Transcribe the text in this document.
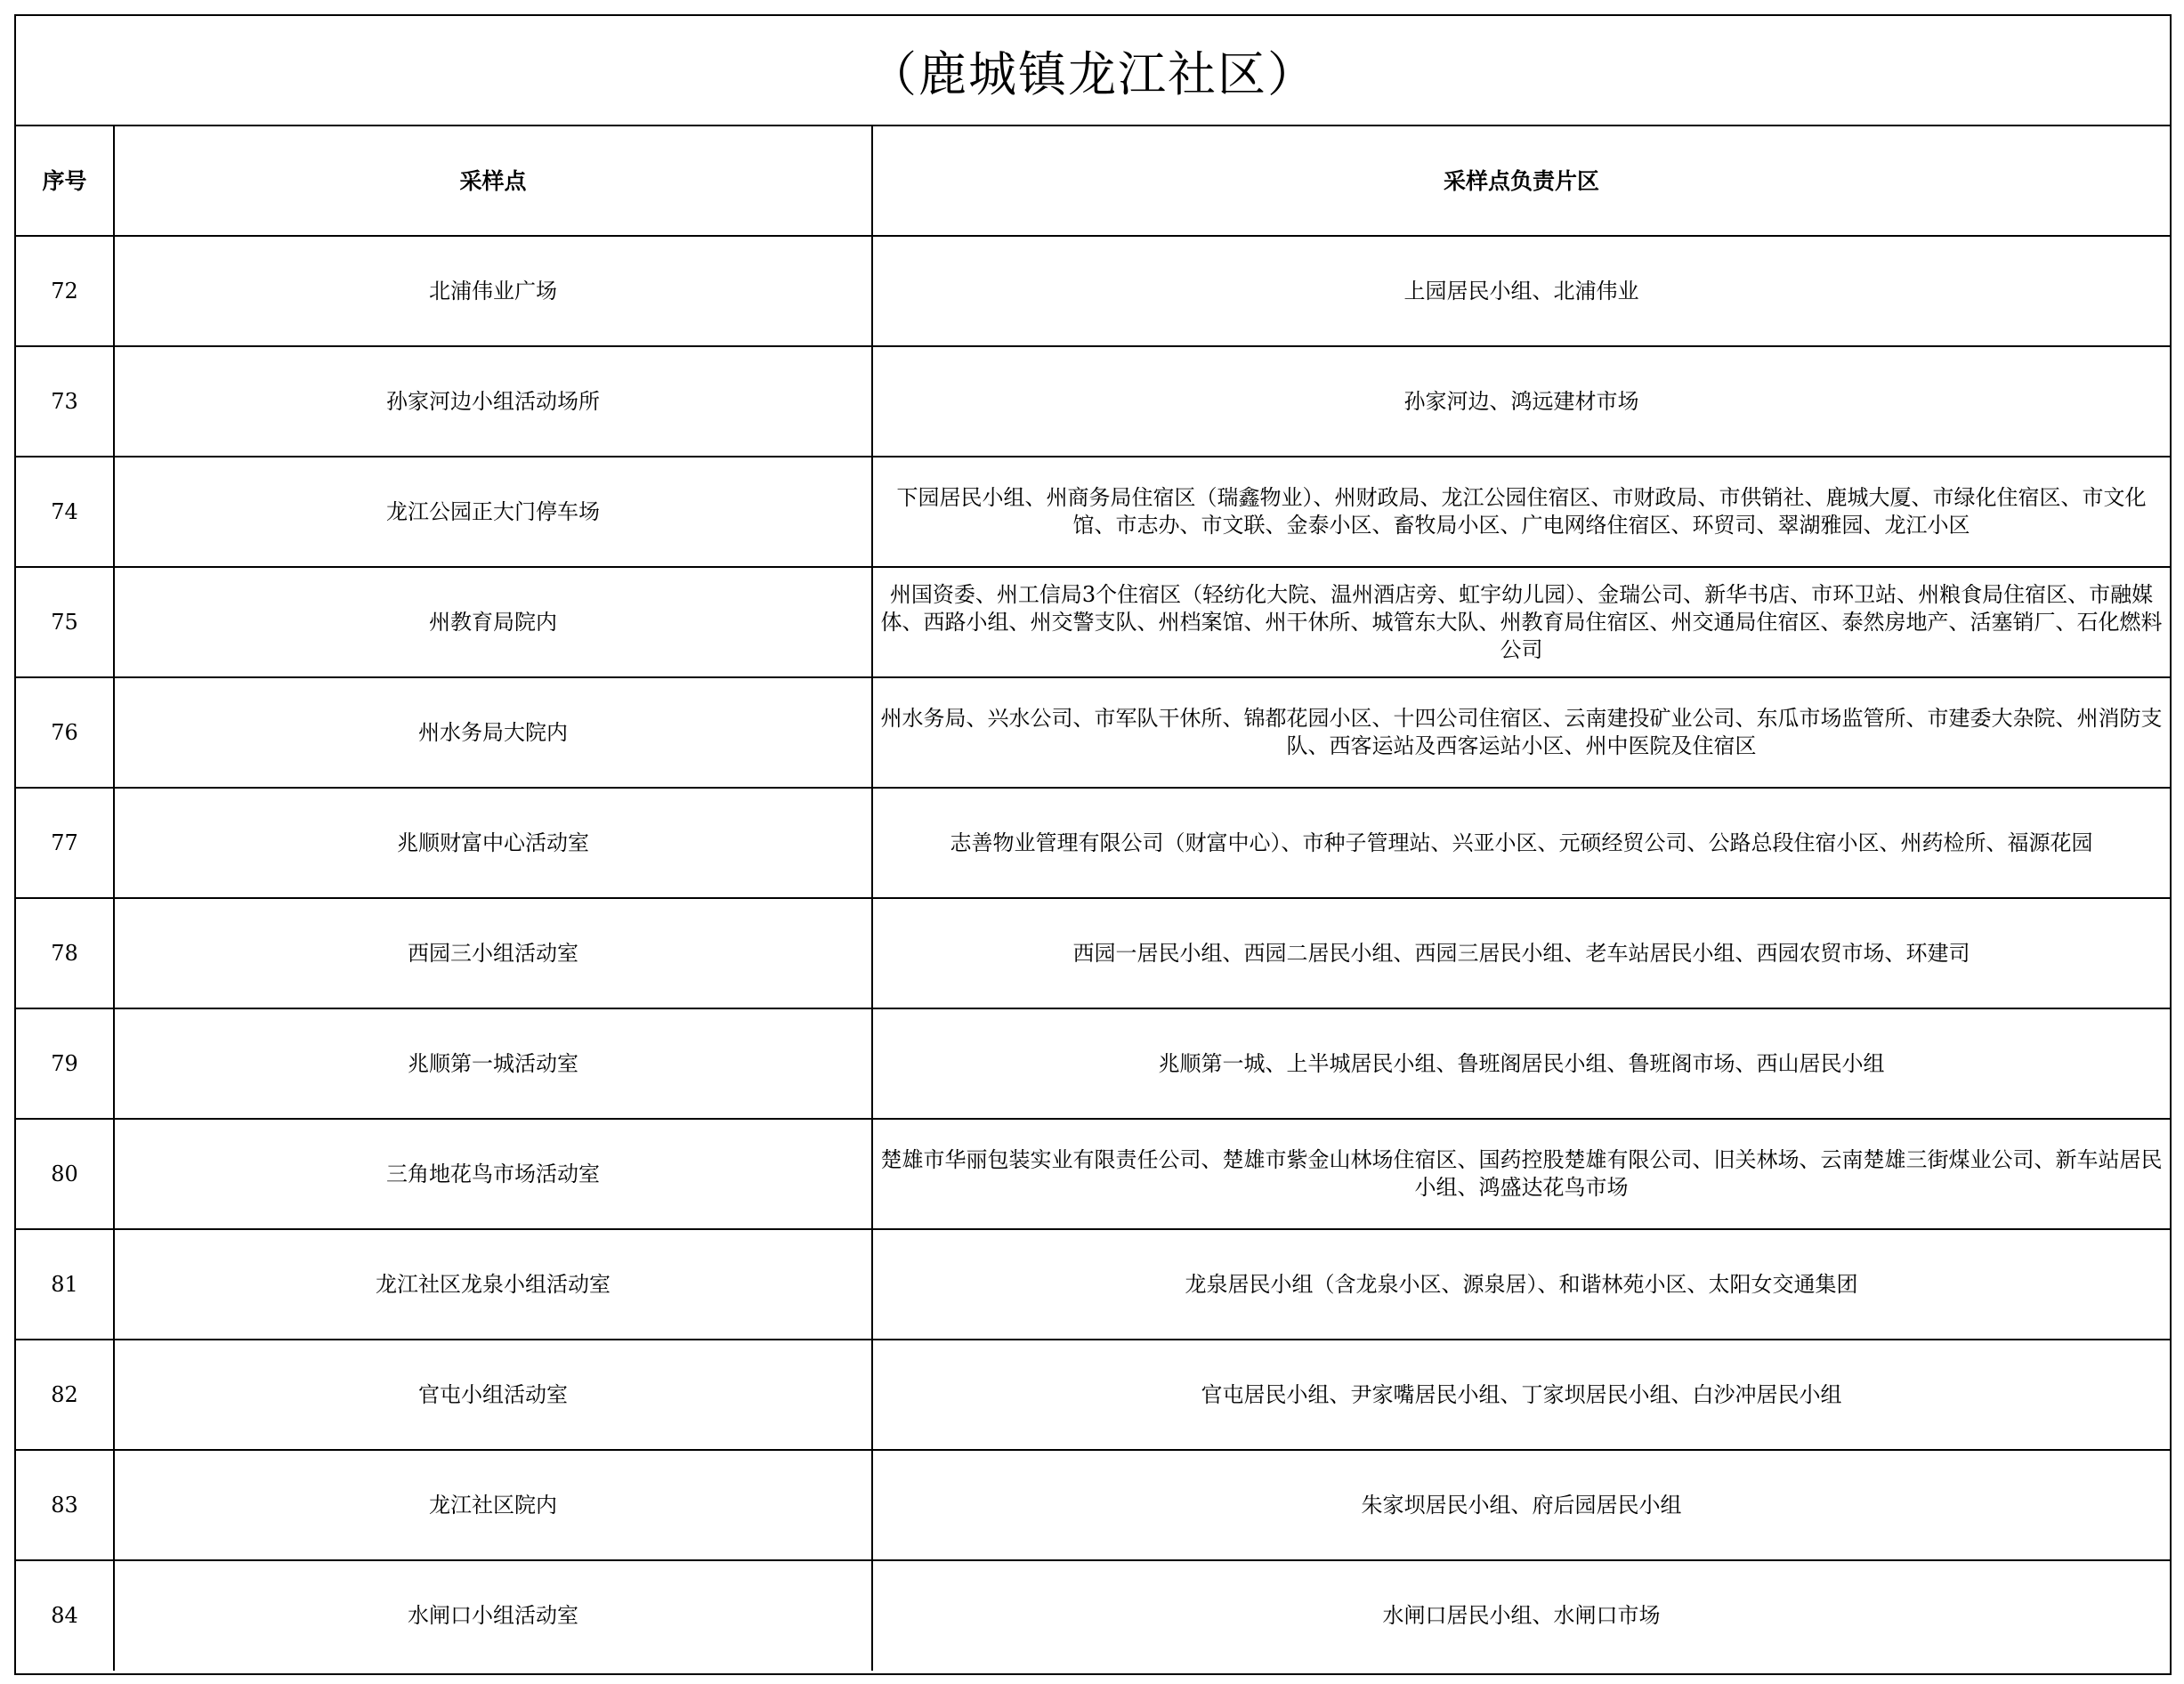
（鹿城镇龙江社区）
序号	采样点	采样点负责片区
72	北浦伟业广场	上园居民小组、北浦伟业

73	孙家河边小组活动场所	孙家河边、鸿远建材市场

74	龙江公园正大门停车场	下园居民小组、州商务局住宿区（瑞鑫物业）、州财政局、龙江公园住宿区、市财政局、市供销社、鹿城大厦、市绿化住宿区、市文化馆、市志办、市文联、金泰小区、畜牧局小区、广电网络住宿区、环贸司、翠湖雅园、龙江小区

75	州教育局院内	州国资委、州工信局3个住宿区（轻纺化大院、温州酒店旁、虹宇幼儿园）、金瑞公司、新华书店、市环卫站、州粮食局住宿区、市融媒体、西路小组、州交警支队、州档案馆、州干休所、城管东大队、州教育局住宿区、州交通局住宿区、泰然房地产、活塞销厂、石化燃料公司

76	州水务局大院内	州水务局、兴水公司、市军队干休所、锦都花园小区、十四公司住宿区、云南建投矿业公司、东瓜市场监管所、市建委大杂院、州消防支队、西客运站及西客运站小区、州中医院及住宿区

77	兆顺财富中心活动室	志善物业管理有限公司（财富中心）、市种子管理站、兴亚小区、元硕经贸公司、公路总段住宿小区、州药检所、福源花园

78	西园三小组活动室	西园一居民小组、西园二居民小组、西园三居民小组、老车站居民小组、西园农贸市场、环建司

79	兆顺第一城活动室	兆顺第一城、上半城居民小组、鲁班阁居民小组、鲁班阁市场、西山居民小组

80	三角地花鸟市场活动室	楚雄市华丽包装实业有限责任公司、楚雄市紫金山林场住宿区、国药控股楚雄有限公司、旧关林场、云南楚雄三街煤业公司、新车站居民小组、鸿盛达花鸟市场

81	龙江社区龙泉小组活动室	龙泉居民小组（含龙泉小区、源泉居）、和谐林苑小区、太阳女交通集团

82	官屯小组活动室	官屯居民小组、尹家嘴居民小组、丁家坝居民小组、白沙冲居民小组

83	龙江社区院内	朱家坝居民小组、府后园居民小组

84	水闸口小组活动室	水闸口居民小组、水闸口市场
